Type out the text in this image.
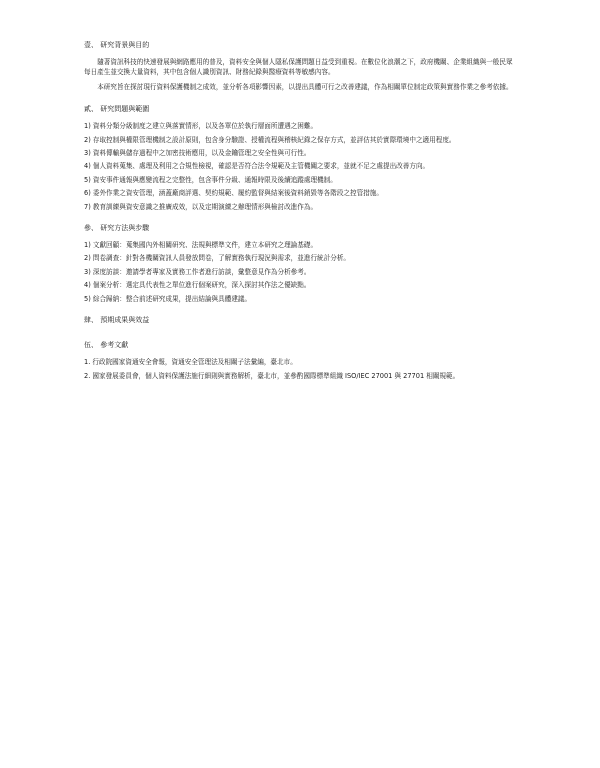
壹、 研究背景與目的

隨著資訊科技的快速發展與網路應用的普及，資料安全與個人隱私保護問題日益受到重視。在數位化浪潮之下，政府機關、企業組織與一般民眾每日產生並交換大量資料，其中包含個人識別資訊、財務紀錄與醫療資料等敏感內容。

本研究旨在探討現行資料保護機制之成效，並分析各項影響因素，以提出具體可行之改善建議，作為相關單位制定政策與實務作業之參考依據。

貳、 研究問題與範圍

1) 資料分類分級制度之建立與落實情形，以及各單位於執行層面所遭遇之困難。

2) 存取控制與權限管理機制之設計原則，包含身分驗證、授權流程與稽核紀錄之保存方式，並評估其於實際環境中之適用程度。

3) 資料傳輸與儲存過程中之加密技術應用，以及金鑰管理之安全性與可行性。

4) 個人資料蒐集、處理及利用之合規性檢視，確認是否符合法令規範及主管機關之要求，並就不足之處提出改善方向。

5) 資安事件通報與應變流程之完整性，包含事件分級、通報時限及後續追蹤處理機制。

6) 委外作業之資安管理，涵蓋廠商評選、契約規範、履約監督與結案後資料銷毀等各階段之控管措施。

7) 教育訓練與資安意識之推廣成效，以及定期演練之辦理情形與檢討改進作為。

參、 研究方法與步驟

1) 文獻回顧：蒐集國內外相關研究、法規與標準文件，建立本研究之理論基礎。

2) 問卷調查：針對各機關資訊人員發放問卷，了解實務執行現況與需求，並進行統計分析。

3) 深度訪談：邀請學者專家及實務工作者進行訪談，彙整意見作為分析參考。

4) 個案分析：選定具代表性之單位進行個案研究，深入探討其作法之優缺點。

5) 綜合歸納：整合前述研究成果，提出結論與具體建議。

肆、 預期成果與效益
伍、 參考文獻

1. 行政院國家資通安全會報，資通安全管理法及相關子法彙編，臺北市。

2. 國家發展委員會，個人資料保護法施行細則與實務解析，臺北市，並參酌國際標準組織 ISO/IEC 27001 與 27701 相關規範。
